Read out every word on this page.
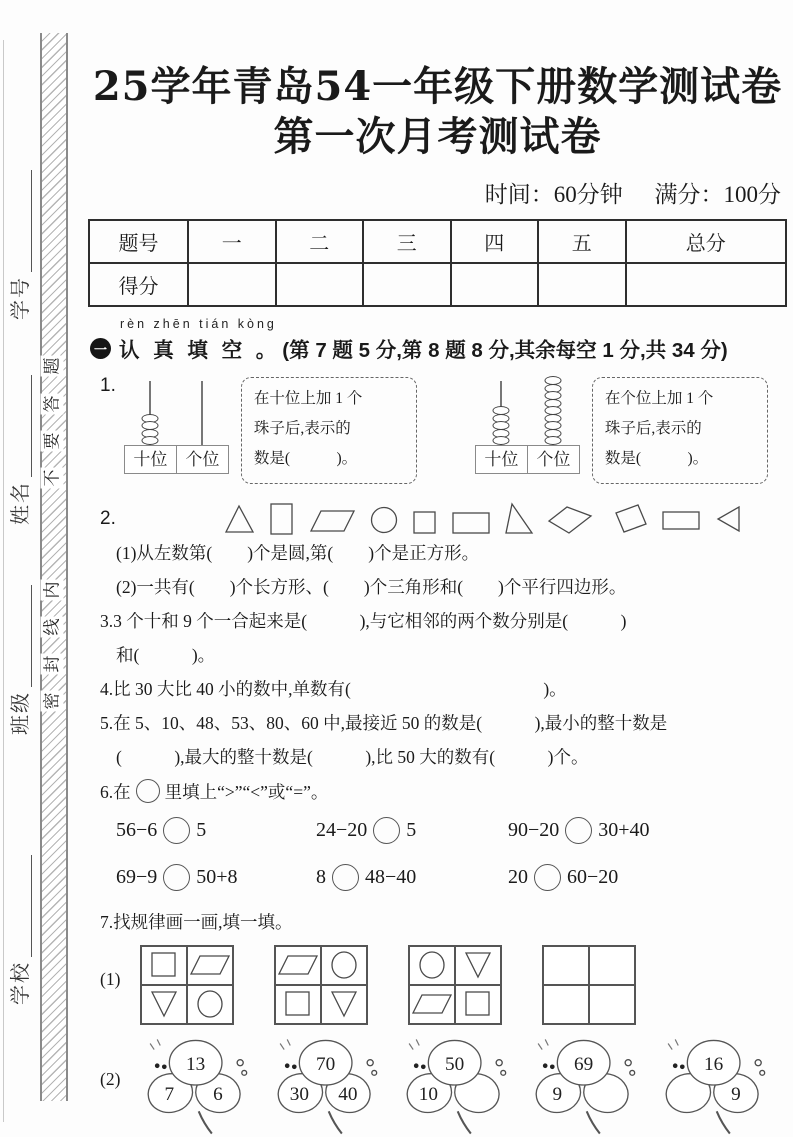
学号
姓名
班级
学校
题
答
要
不
内
线
封
密
25学年青岛54一年级下册数学测试卷
第一次月考测试卷
时间：60分钟 满分：100分
题号	一	二	三	四	五	总分
得分						
rèn zhēn tián kòng
一 认 真 填 空 。 (第 7 题 5 分,第 8 题 8 分,其余每空 1 分,共 34 分)
1.
十位	个位
在十位上加 1 个
珠子后,表示的
数是(　　　)。	十位	个位
在个位上加 1 个
珠子后,表示的
数是(　　　)。
2.
(1)从左数第(　　)个是圆,第(　　)个是正方形。
(2)一共有(　　)个长方形、(　　)个三角形和(　　)个平行四边形。
3.3 个十和 9 个一合起来是(　　　),与它相邻的两个数分别是(　　　)
和(　　　)。
4.比 30 大比 40 小的数中,单数有(　　　　　　　　　　　)。
5.在 5、10、48、53、80、60 中,最接近 50 的数是(　　　),最小的整十数是
(　　　),最大的整十数是(　　　),比 50 大的数有(　　　)个。
6.在 里填上“>”“<”或“=”。
56−6 5	24−20 5	90−20 30+40
69−9 50+8	8 48−40	20 60−20
7.找规律画一画,填一填。
(1)
(2)
13
7 6
70
30 40
50
10
69
9
16
9
